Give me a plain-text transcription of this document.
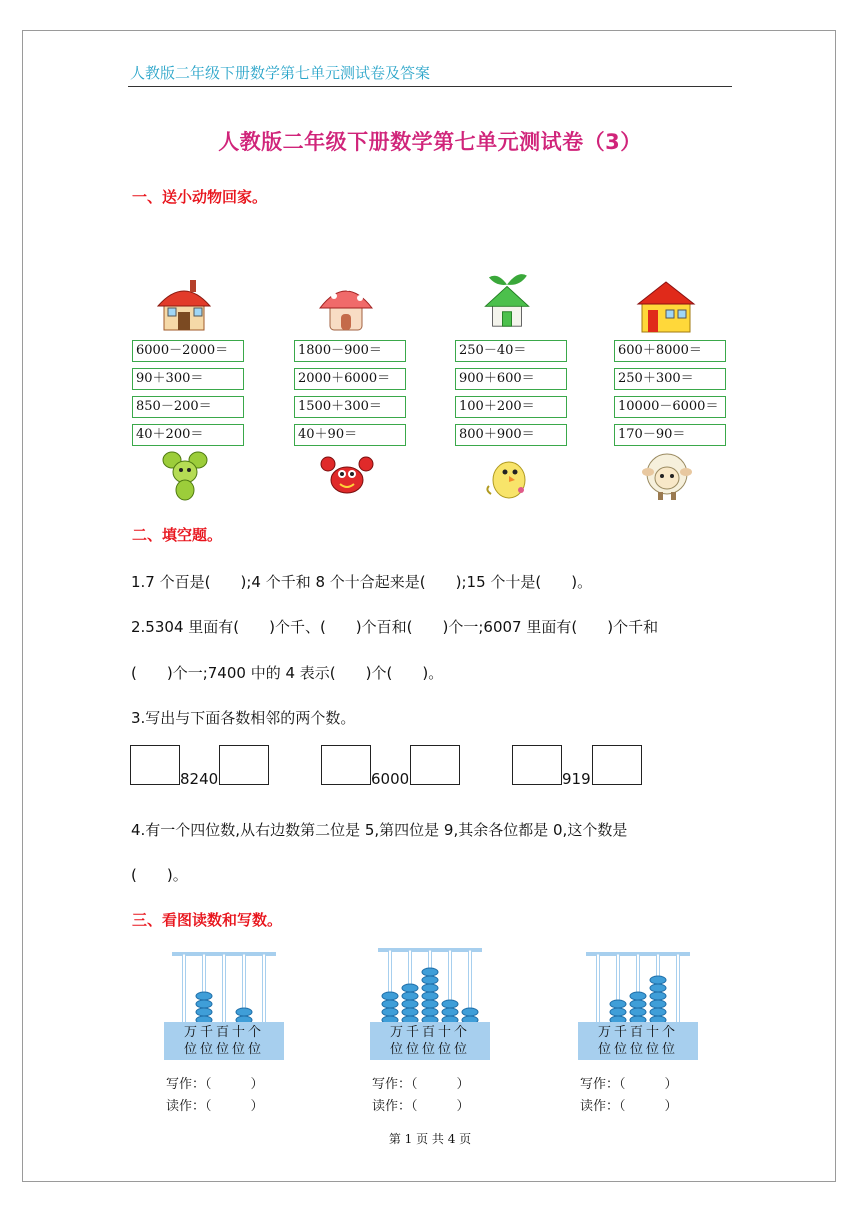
人教版二年级下册数学第七单元测试卷及答案
人教版二年级下册数学第七单元测试卷（3）
一、送小动物回家。
6000－2000＝
90＋300＝
850－200＝
40＋200＝
1800－900＝
2000＋6000＝
1500＋300＝
40＋90＝
250－40＝
900＋600＝
100＋200＝
800＋900＝
600＋8000＝
250＋300＝
10000－6000＝
170－90＝
二、填空题。
1.7 个百是(　　);4 个千和 8 个十合起来是(　　);15 个十是(　　)。
2.5304 里面有(　　)个千、(　　)个百和(　　)个一;6007 里面有(　　)个千和
(　　)个一;7400 中的 4 表示(　　)个(　　)。
3.写出与下面各数相邻的两个数。
8240	6000	919
4.有一个四位数,从右边数第二位是 5,第四位是 9,其余各位都是 0,这个数是
(　　)。
三、看图读数和写数。
万千百十个
位位位位位
万千百十个
位位位位位
万千百十个
位位位位位
写作：（　　　）
读作：（　　　）
写作：（　　　）
读作：（　　　）
写作：（　　　）
读作：（　　　）
第 1 页 共 4 页
